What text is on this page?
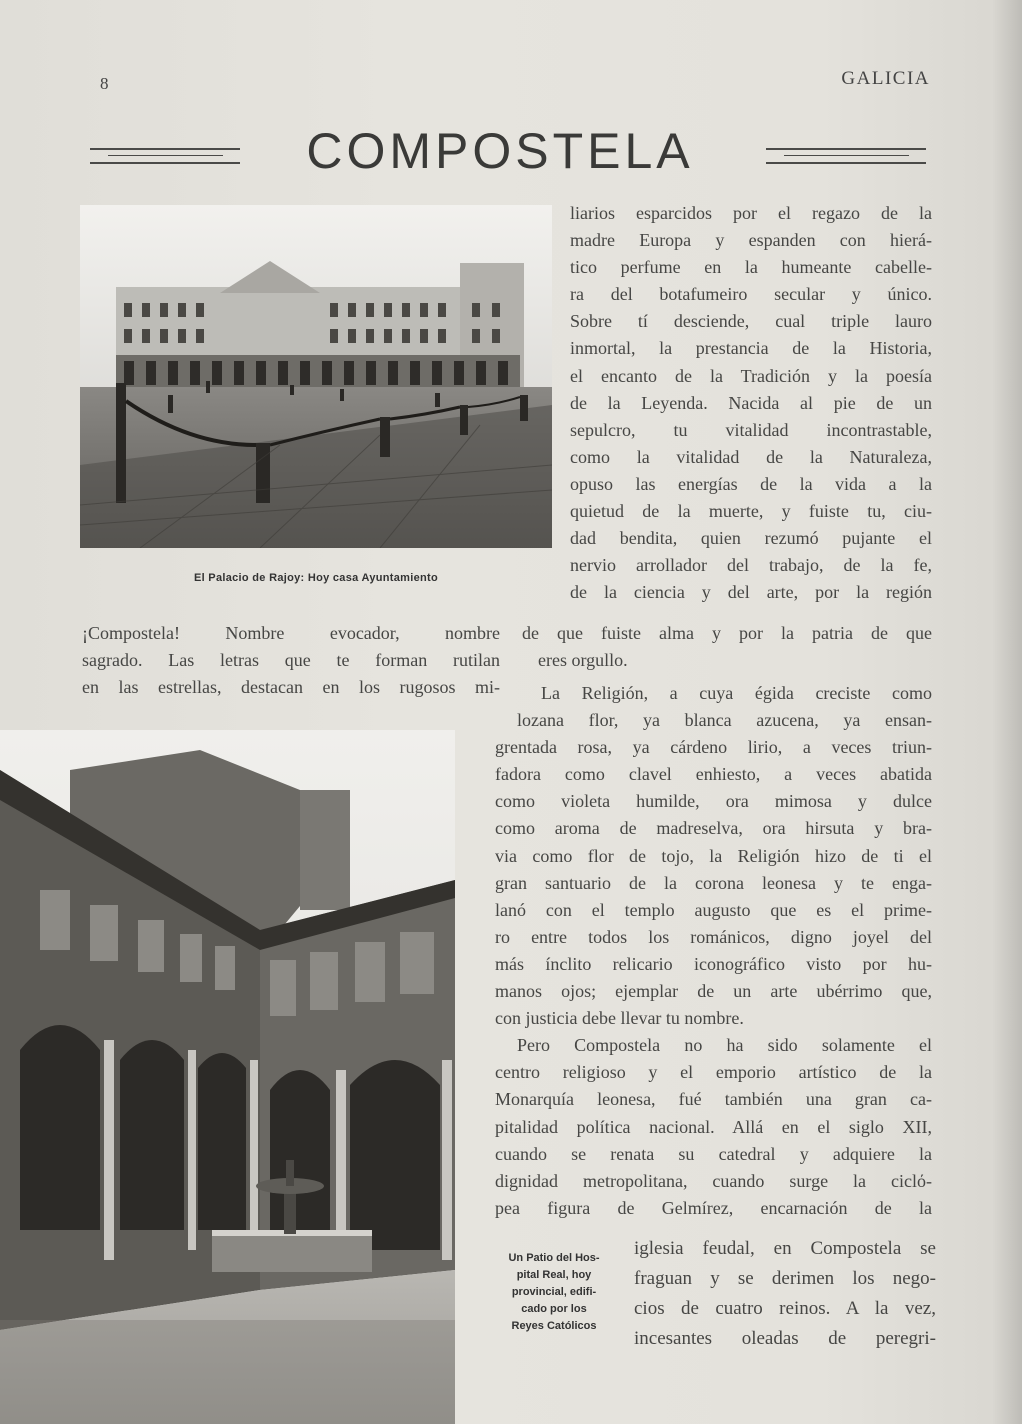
8	GALICIA
COMPOSTELA
El Palacio de Rajoy: Hoy casa Ayuntamiento
Un Patio del Hos-
pital Real, hoy
provincial, edifi-
cado por los
Reyes Católicos
liarios esparcidos por el regazo de la
madre Europa y espanden con hierá-
tico perfume en la humeante cabelle-
ra del botafumeiro secular y único.
Sobre tí desciende, cual triple lauro
inmortal, la prestancia de la Historia,
el encanto de la Tradición y la poesía
de la Leyenda. Nacida al pie de un
sepulcro, tu vitalidad incontrastable,
como la vitalidad de la Naturaleza,
opuso las energías de la vida a la
quietud de la muerte, y fuiste tu, ciu-
dad bendita, quien rezumó pujante el
nervio arrollador del trabajo, de la fe,
de la ciencia y del arte, por la región
¡Compostela! Nombre evocador, nombre
sagrado. Las letras que te forman rutilan
en las estrellas, destacan en los rugosos mi-
de que fuiste alma y por la patria de que
eres orgullo.
La Religión, a cuya égida creciste como
lozana flor, ya blanca azucena, ya ensan-
grentada rosa, ya cárdeno lirio, a veces triun-
fadora como clavel enhiesto, a veces abatida
como violeta humilde, ora mimosa y dulce
como aroma de madreselva, ora hirsuta y bra-
via como flor de tojo, la Religión hizo de ti el
gran santuario de la corona leonesa y te enga-
lanó con el templo augusto que es el prime-
ro entre todos los románicos, digno joyel del
más ínclito relicario iconográfico visto por hu-
manos ojos; ejemplar de un arte ubérrimo que,
con justicia debe llevar tu nombre.
Pero Compostela no ha sido solamente el
centro religioso y el emporio artístico de la
Monarquía leonesa, fué también una gran ca-
pitalidad política nacional. Allá en el siglo XII,
cuando se renata su catedral y adquiere la
dignidad metropolitana, cuando surge la ciclό-
pea figura de Gelmírez, encarnación de la
iglesia feudal, en Compostela se
fraguan y se derimen los nego-
cios de cuatro reinos. A la vez,
incesantes oleadas de peregri-
